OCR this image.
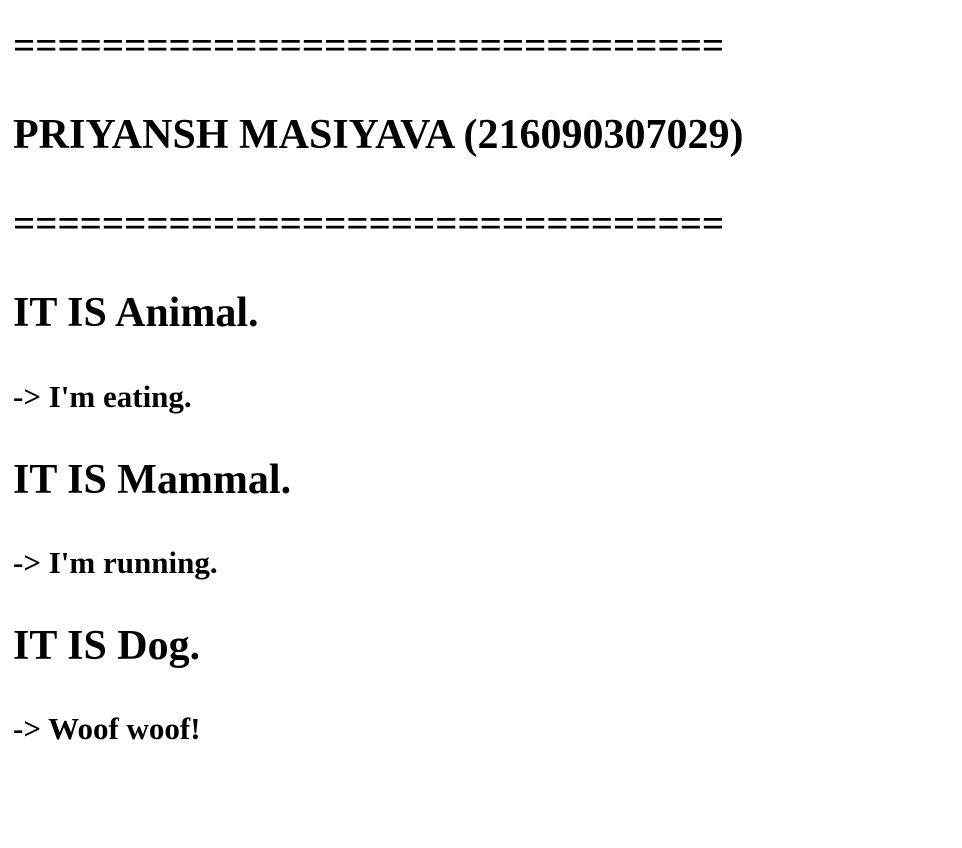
================================
PRIYANSH MASIYAVA (216090307029)
================================
IT IS Animal.
-> I'm eating.
IT IS Mammal.
-> I'm running.
IT IS Dog.
-> Woof woof!
